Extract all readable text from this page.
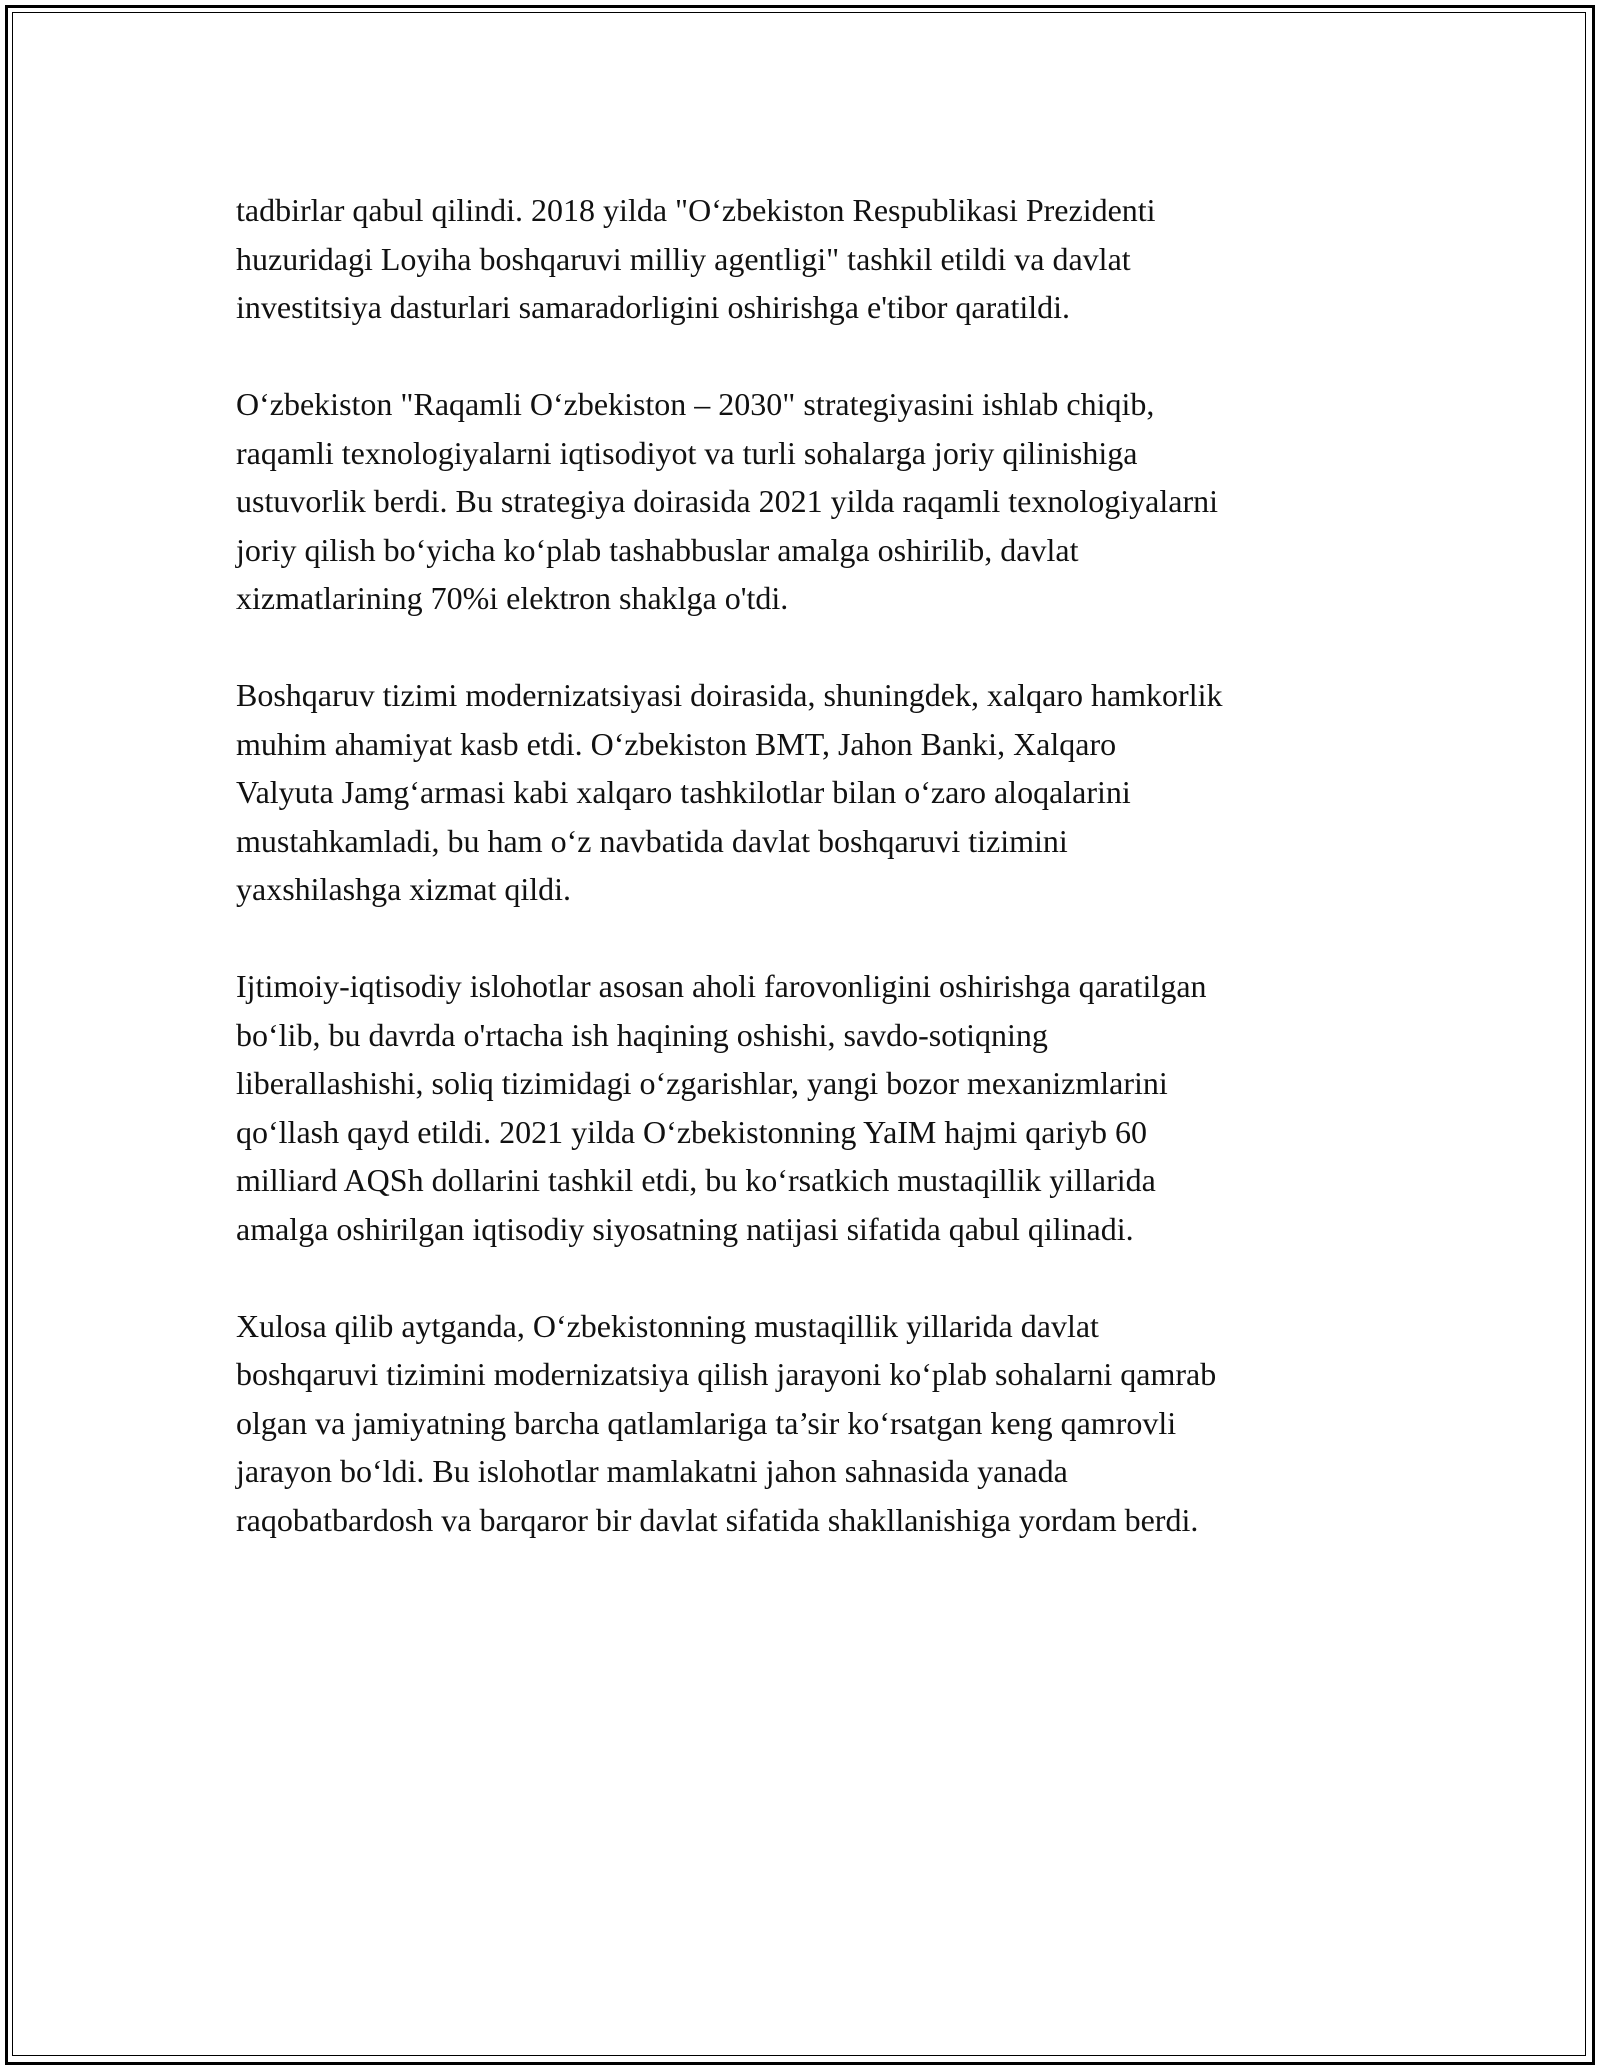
tadbirlar qabul qilindi. 2018 yilda "O‘zbekiston Respublikasi Prezidenti
huzuridagi Loyiha boshqaruvi milliy agentligi" tashkil etildi va davlat
investitsiya dasturlari samaradorligini oshirishga e'tibor qaratildi.

O‘zbekiston "Raqamli O‘zbekiston – 2030" strategiyasini ishlab chiqib,
raqamli texnologiyalarni iqtisodiyot va turli sohalarga joriy qilinishiga
ustuvorlik berdi. Bu strategiya doirasida 2021 yilda raqamli texnologiyalarni
joriy qilish bo‘yicha ko‘plab tashabbuslar amalga oshirilib, davlat
xizmatlarining 70%i elektron shaklga o'tdi.

Boshqaruv tizimi modernizatsiyasi doirasida, shuningdek, xalqaro hamkorlik
muhim ahamiyat kasb etdi. O‘zbekiston BMT, Jahon Banki, Xalqaro
Valyuta Jamg‘armasi kabi xalqaro tashkilotlar bilan o‘zaro aloqalarini
mustahkamladi, bu ham o‘z navbatida davlat boshqaruvi tizimini
yaxshilashga xizmat qildi.

Ijtimoiy-iqtisodiy islohotlar asosan aholi farovonligini oshirishga qaratilgan
bo‘lib, bu davrda o'rtacha ish haqining oshishi, savdo-sotiqning
liberallashishi, soliq tizimidagi o‘zgarishlar, yangi bozor mexanizmlarini
qo‘llash qayd etildi. 2021 yilda O‘zbekistonning YaIM hajmi qariyb 60
milliard AQSh dollarini tashkil etdi, bu ko‘rsatkich mustaqillik yillarida
amalga oshirilgan iqtisodiy siyosatning natijasi sifatida qabul qilinadi.

Xulosa qilib aytganda, O‘zbekistonning mustaqillik yillarida davlat
boshqaruvi tizimini modernizatsiya qilish jarayoni ko‘plab sohalarni qamrab
olgan va jamiyatning barcha qatlamlariga ta’sir ko‘rsatgan keng qamrovli
jarayon bo‘ldi. Bu islohotlar mamlakatni jahon sahnasida yanada
raqobatbardosh va barqaror bir davlat sifatida shakllanishiga yordam berdi.
